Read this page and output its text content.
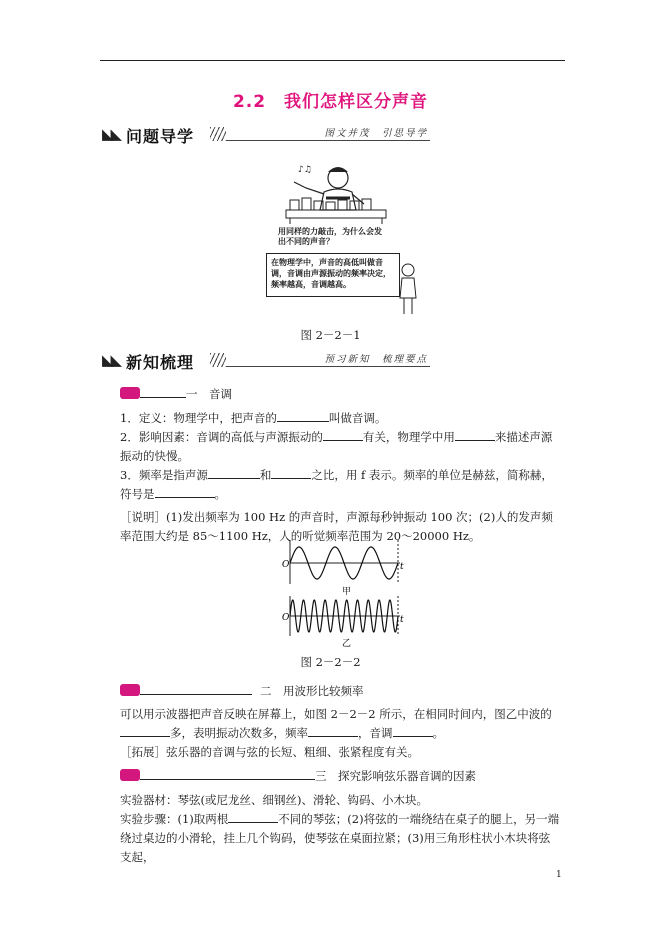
2.2　我们怎样区分声音
◣◣ 问题导学	图文并茂　引思导学
♪♫
用同样的力敲击，为什么会发出不同的声音？
在物理学中，声音的高低叫做音调，音调由声源振动的频率决定，频率越高，音调越高。
图 2－2－1
◣◣ 新知梳理	预习新知　梳理要点
一　音调
1．定义：物理学中，把声音的	叫做音调。
2．影响因素：音调的高低与声源振动的	有关，物理学中用	来描述声源振动的快慢。
3．频率是指声源	和	之比，用 f 表示。频率的单位是赫兹，简称赫，符号是	。
［说明］(1)发出频率为 100 Hz 的声音时，声源每秒钟振动 100 次；(2)人的发声频率范围大约是 85～1100 Hz，人的听觉频率范围为 20～20000 Hz。
O	t
甲
O	t
乙
图 2－2－2
二　用波形比较频率
可以用示波器把声音反映在屏幕上，如图 2－2－2 所示，在相同时间内，图乙中波的多，表明振动次数多，频率	，音调	。
［拓展］弦乐器的音调与弦的长短、粗细、张紧程度有关。
三　探究影响弦乐器音调的因素
实验器材：琴弦(或尼龙丝、细钢丝)、滑轮、钩码、小木块。
实验步骤：(1)取两根	不同的琴弦；(2)将弦的一端绕结在桌子的腿上，另一端绕过桌边的小滑轮，挂上几个钩码，使琴弦在桌面拉紧；(3)用三角形柱状小木块将弦支起，
1
